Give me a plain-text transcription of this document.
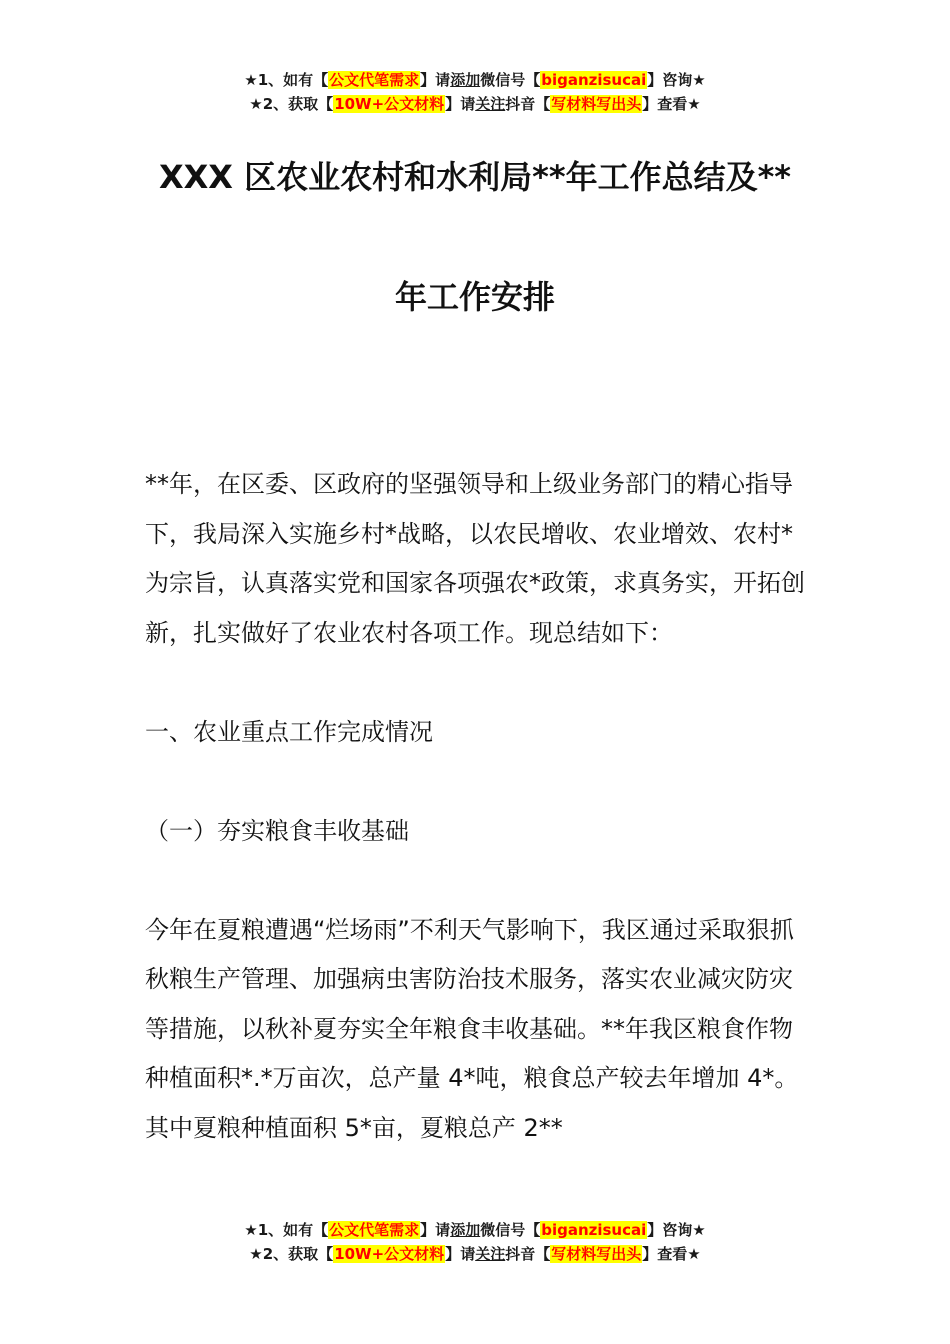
★1、如有【公文代笔需求】请添加微信号【biganzisucai】咨询★
★2、获取【10W+公文材料】请关注抖音【写材料写出头】查看★
XXX 区农业农村和水利局**年工作总结及**
年工作安排

**年，在区委、区政府的坚强领导和上级业务部门的精心指导下，我局深入实施乡村*战略，以农民增收、农业增效、农村*为宗旨，认真落实党和国家各项强农*政策，求真务实，开拓创新，扎实做好了农业农村各项工作。现总结如下：

一、农业重点工作完成情况

（一）夯实粮食丰收基础

今年在夏粮遭遇“烂场雨”不利天气影响下，我区通过采取狠抓秋粮生产管理、加强病虫害防治技术服务，落实农业减灾防灾等措施，以秋补夏夯实全年粮食丰收基础。**年我区粮食作物种植面积*.*万亩次，总产量 4*吨，粮食总产较去年增加 4*。其中夏粮种植面积 5*亩，夏粮总产 2**

★1、如有【公文代笔需求】请添加微信号【biganzisucai】咨询★
★2、获取【10W+公文材料】请关注抖音【写材料写出头】查看★
